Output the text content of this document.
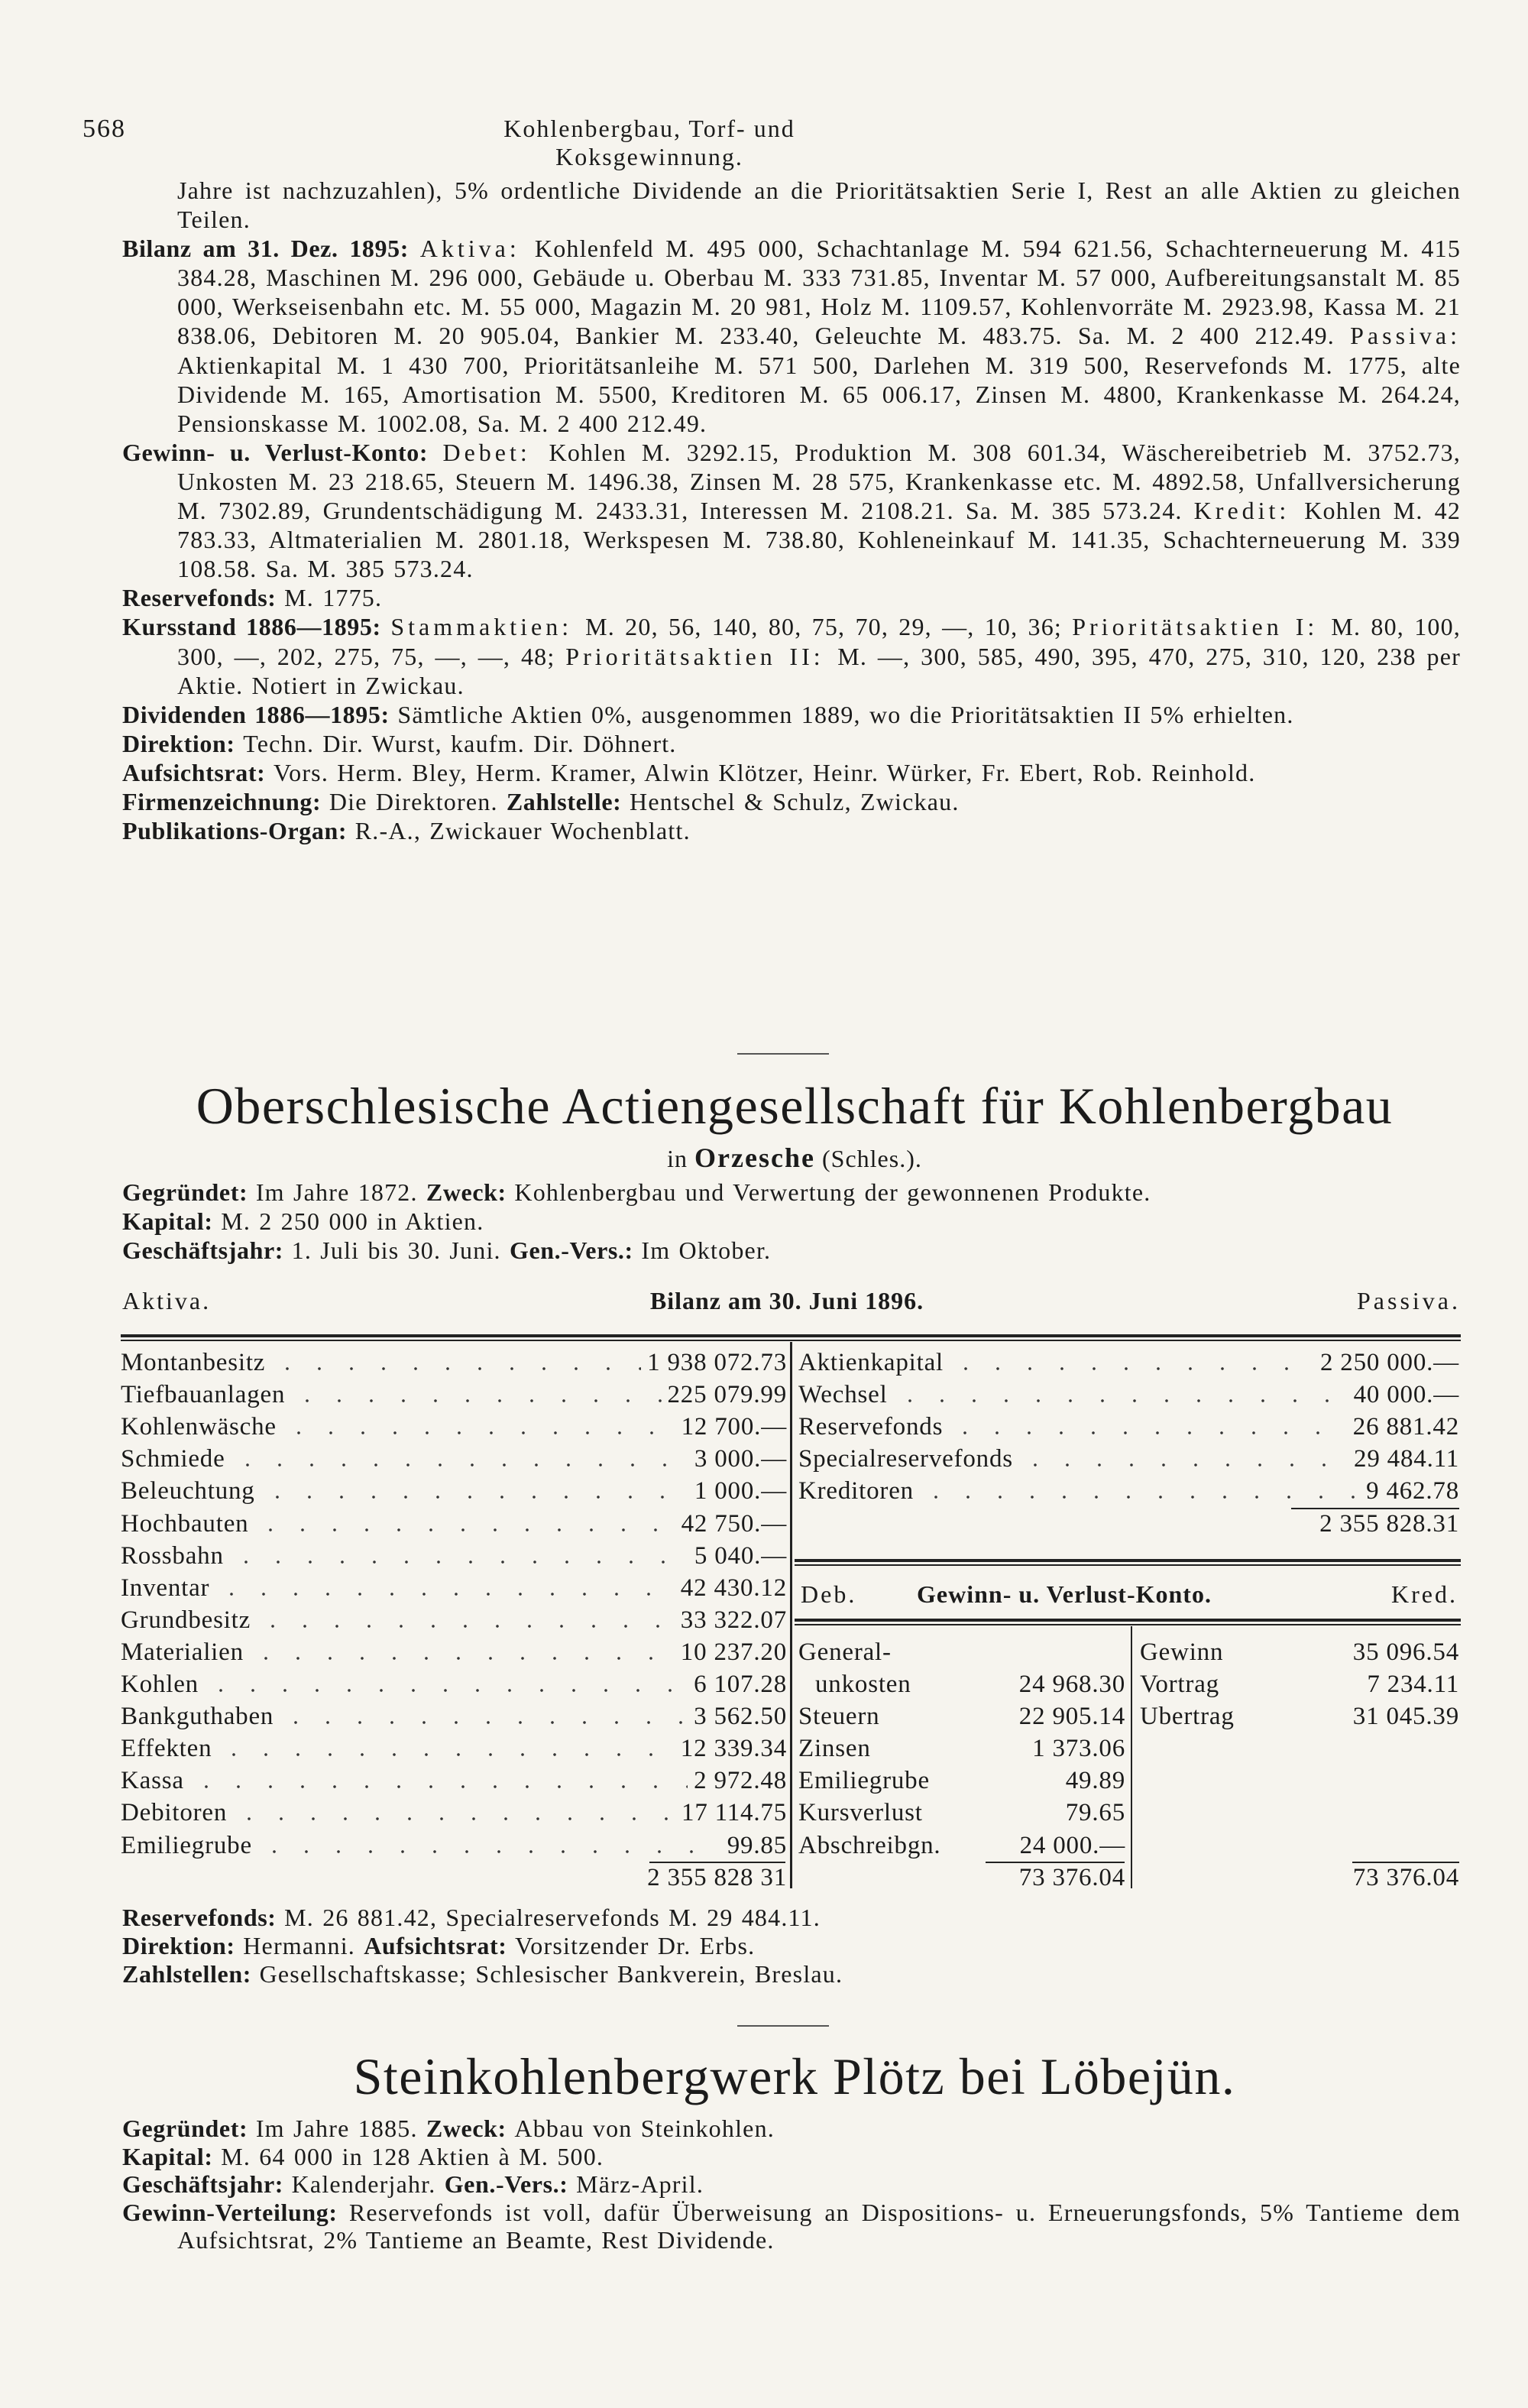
568	Kohlenbergbau, Torf- und Koksgewinnung.

Jahre ist nachzuzahlen), 5% ordentliche Dividende an die Prioritätsaktien Serie I, Rest an alle Aktien zu gleichen Teilen.

Bilanz am 31. Dez. 1895: Aktiva: Kohlenfeld M. 495 000, Schachtanlage M. 594 621.56, Schachterneuerung M. 415 384.28, Maschinen M. 296 000, Gebäude u. Oberbau M. 333 731.85, Inventar M. 57 000, Aufbereitungsanstalt M. 85 000, Werkseisenbahn etc. M. 55 000, Magazin M. 20 981, Holz M. 1109.57, Kohlenvorräte M. 2923.98, Kassa M. 21 838.06, Debitoren M. 20 905.04, Bankier M. 233.40, Geleuchte M. 483.75. Sa. M. 2 400 212.49. Passiva: Aktienkapital M. 1 430 700, Prioritätsanleihe M. 571 500, Darlehen M. 319 500, Reservefonds M. 1775, alte Dividende M. 165, Amortisation M. 5500, Kreditoren M. 65 006.17, Zinsen M. 4800, Krankenkasse M. 264.24, Pensionskasse M. 1002.08, Sa. M. 2 400 212.49.

Gewinn- u. Verlust-Konto: Debet: Kohlen M. 3292.15, Produktion M. 308 601.34, Wäschereibetrieb M. 3752.73, Unkosten M. 23 218.65, Steuern M. 1496.38, Zinsen M. 28 575, Krankenkasse etc. M. 4892.58, Unfallversicherung M. 7302.89, Grundentschädigung M. 2433.31, Interessen M. 2108.21. Sa. M. 385 573.24. Kredit: Kohlen M. 42 783.33, Altmaterialien M. 2801.18, Werkspesen M. 738.80, Kohleneinkauf M. 141.35, Schachterneuerung M. 339 108.58. Sa. M. 385 573.24.

Reservefonds: M. 1775.

Kursstand 1886—1895: Stammaktien: M. 20, 56, 140, 80, 75, 70, 29, —, 10, 36; Prioritätsaktien I: M. 80, 100, 300, —, 202, 275, 75, —, —, 48; Prioritätsaktien II: M. —, 300, 585, 490, 395, 470, 275, 310, 120, 238 per Aktie. Notiert in Zwickau.

Dividenden 1886—1895: Sämtliche Aktien 0%, ausgenommen 1889, wo die Prioritätsaktien II 5% erhielten.

Direktion: Techn. Dir. Wurst, kaufm. Dir. Döhnert.

Aufsichtsrat: Vors. Herm. Bley, Herm. Kramer, Alwin Klötzer, Heinr. Würker, Fr. Ebert, Rob. Reinhold.

Firmenzeichnung: Die Direktoren. Zahlstelle: Hentschel & Schulz, Zwickau.

Publikations-Organ: R.-A., Zwickauer Wochenblatt.

Oberschlesische Actiengesellschaft für Kohlenbergbau
in Orzesche (Schles.).

Gegründet: Im Jahre 1872. Zweck: Kohlenbergbau und Verwertung der gewonnenen Produkte.

Kapital: M. 2 250 000 in Aktien.

Geschäftsjahr: 1. Juli bis 30. Juni. Gen.-Vers.: Im Oktober.

Aktiva.	Bilanz am 30. Juni 1896.	Passiva.
Deb. Gewinn- u. Verlust-Konto.	Kred.
Montanbesitz	1 938 072.73
Tiefbauanlagen	225 079.99
Kohlenwäsche	12 700.—
Schmiede	3 000.—
Beleuchtung	1 000.—
Hochbauten	42 750.—
Rossbahn	5 040.—
Inventar	42 430.12
Grundbesitz	33 322.07
Materialien	10 237.20
Kohlen	6 107.28
Bankguthaben	3 562.50
Effekten	12 339.34
Kassa	2 972.48
Debitoren	17 114.75
Emiliegrube	99.85
2 355 828 31
Aktienkapital	2 250 000.—
Wechsel	40 000.—
Reservefonds	26 881.42
Specialreservefonds	29 484.11
Kreditoren	9 462.78
2 355 828.31
General-
unkosten	24 968.30
Steuern	22 905.14
Zinsen	1 373.06
Emiliegrube	49.89
Kursverlust	79.65
Abschreibgn.	24 000.—
Gewinn	35 096.54
Vortrag	7 234.11
Ubertrag	31 045.39
73 376.04	73 376.04

Reservefonds: M. 26 881.42, Specialreservefonds M. 29 484.11.

Direktion: Hermanni. Aufsichtsrat: Vorsitzender Dr. Erbs.

Zahlstellen: Gesellschaftskasse; Schlesischer Bankverein, Breslau.

Steinkohlenbergwerk Plötz bei Löbejün.

Gegründet: Im Jahre 1885. Zweck: Abbau von Steinkohlen.

Kapital: M. 64 000 in 128 Aktien à M. 500.

Geschäftsjahr: Kalenderjahr. Gen.-Vers.: März-April.

Gewinn-Verteilung: Reservefonds ist voll, dafür Überweisung an Dispositions- u. Erneuerungsfonds, 5% Tantieme dem Aufsichtsrat, 2% Tantieme an Beamte, Rest Dividende.
